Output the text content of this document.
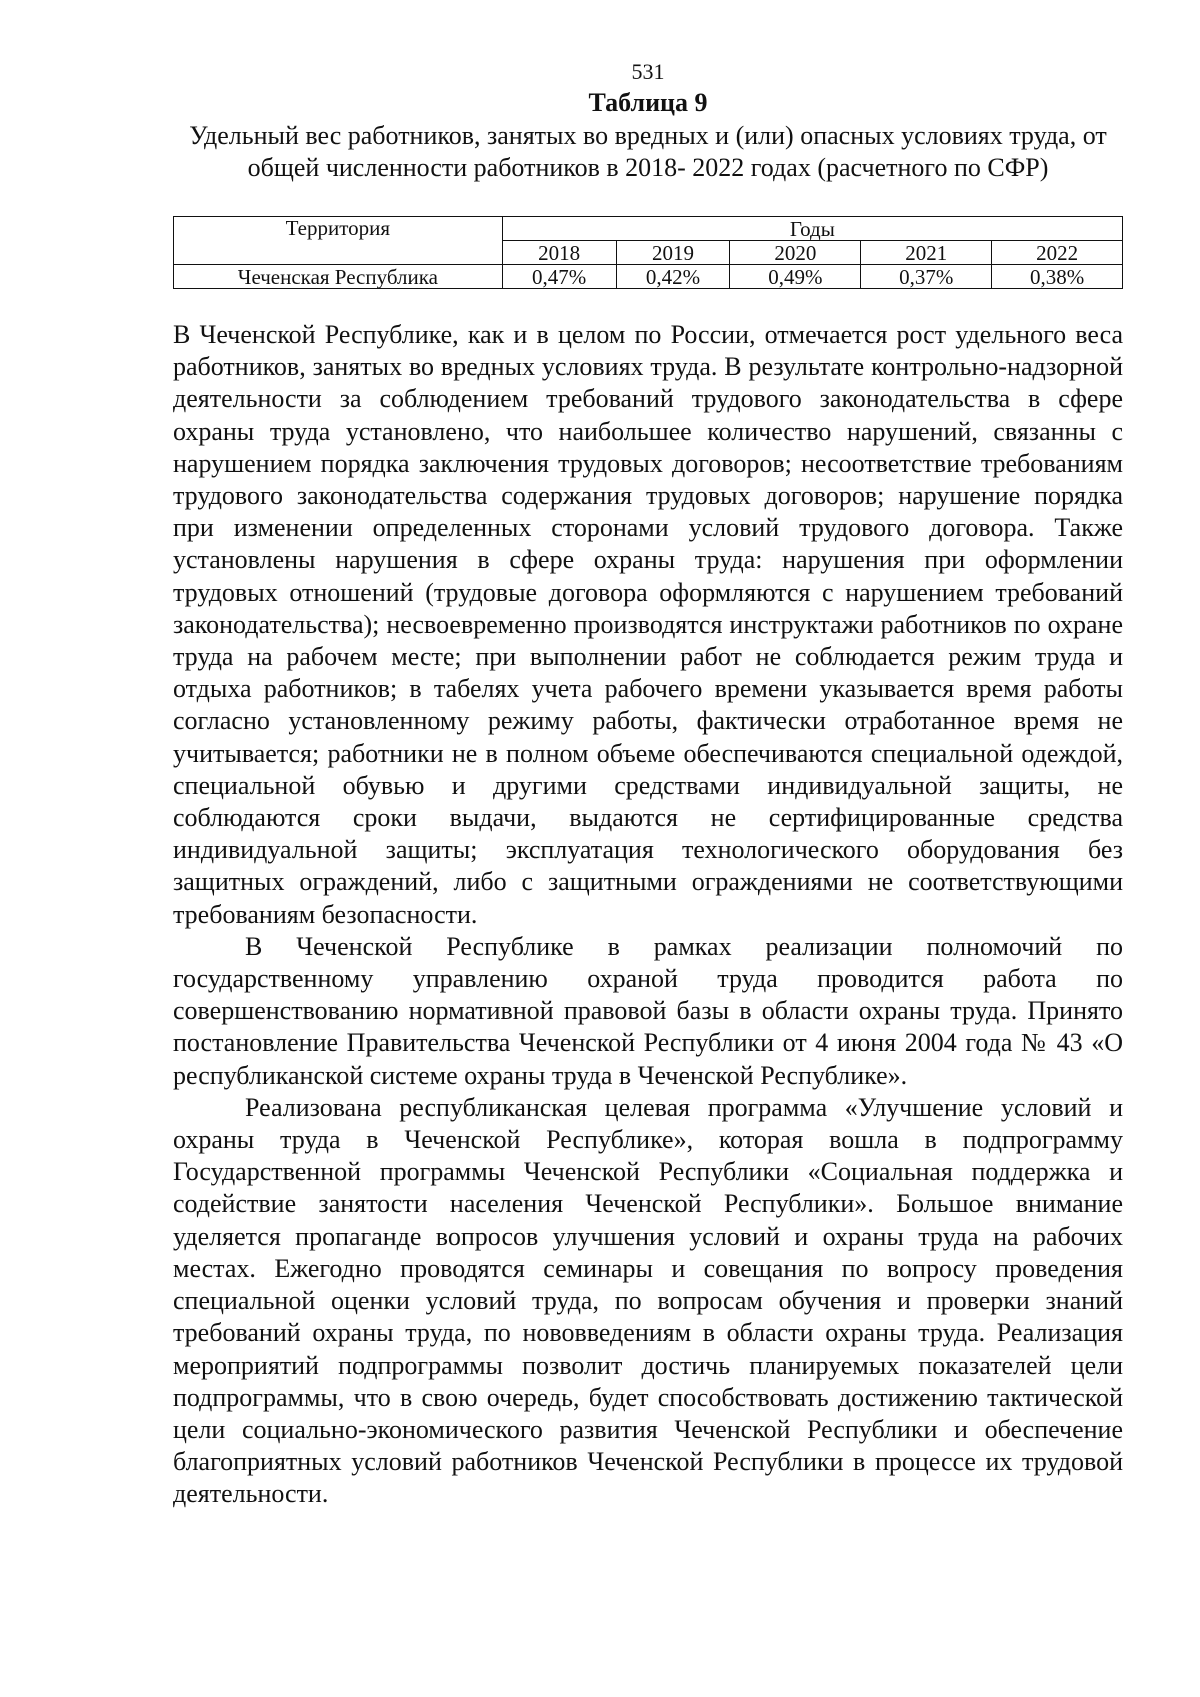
531
Таблица 9
Удельный вес работников, занятых во вредных и (или) опасных условиях труда, от общей численности работников в 2018- 2022 годах (расчетного по СФР)
Территория	Годы				
	2018	2019	2020	2021	2022
Чеченская Республика	0,47%	0,42%	0,49%	0,37%	0,38%

В Чеченской Республике, как и в целом по России, отмечается рост удельного веса работников, занятых во вредных условиях труда. В результате контрольно-надзорной деятельности за соблюдением требований трудового законодательства в сфере охраны труда установлено, что наибольшее количество нарушений, связанны с нарушением порядка заключения трудовых договоров; несоответствие требованиям трудового законодательства содержания трудовых договоров; нарушение порядка при изменении определенных сторонами условий трудового договора. Также установлены нарушения в сфере охраны труда: нарушения при оформлении трудовых отношений (трудовые договора оформляются с нарушением требований законодательства); несвоевременно производятся инструктажи работников по охране труда на рабочем месте; при выполнении работ не соблюдается режим труда и отдыха работников; в табелях учета рабочего времени указывается время работы согласно установленному режиму работы, фактически отработанное время не учитывается; работники не в полном объеме обеспечиваются специальной одеждой, специальной обувью и другими средствами индивидуальной защиты, не соблюдаются сроки выдачи, выдаются не сертифицированные средства индивидуальной защиты; эксплуатация технологического оборудования без защитных ограждений, либо с защитными ограждениями не соответствующими требованиям безопасности.

В Чеченской Республике в рамках реализации полномочий по государственному управлению охраной труда проводится работа по совершенствованию нормативной правовой базы в области охраны труда. Принято постановление Правительства Чеченской Республики от 4 июня 2004 года № 43 «О республиканской системе охраны труда в Чеченской Республике».

Реализована республиканская целевая программа «Улучшение условий и охраны труда в Чеченской Республике», которая вошла в подпрограмму Государственной программы Чеченской Республики «Социальная поддержка и содействие занятости населения Чеченской Республики». Большое внимание уделяется пропаганде вопросов улучшения условий и охраны труда на рабочих местах. Ежегодно проводятся семинары и совещания по вопросу проведения специальной оценки условий труда, по вопросам обучения и проверки знаний требований охраны труда, по нововведениям в области охраны труда. Реализация мероприятий подпрограммы позволит достичь планируемых показателей цели подпрограммы, что в свою очередь, будет способствовать достижению тактической цели социально-экономического развития Чеченской Республики и обеспечение благоприятных условий работников Чеченской Республики в процессе их трудовой деятельности.
